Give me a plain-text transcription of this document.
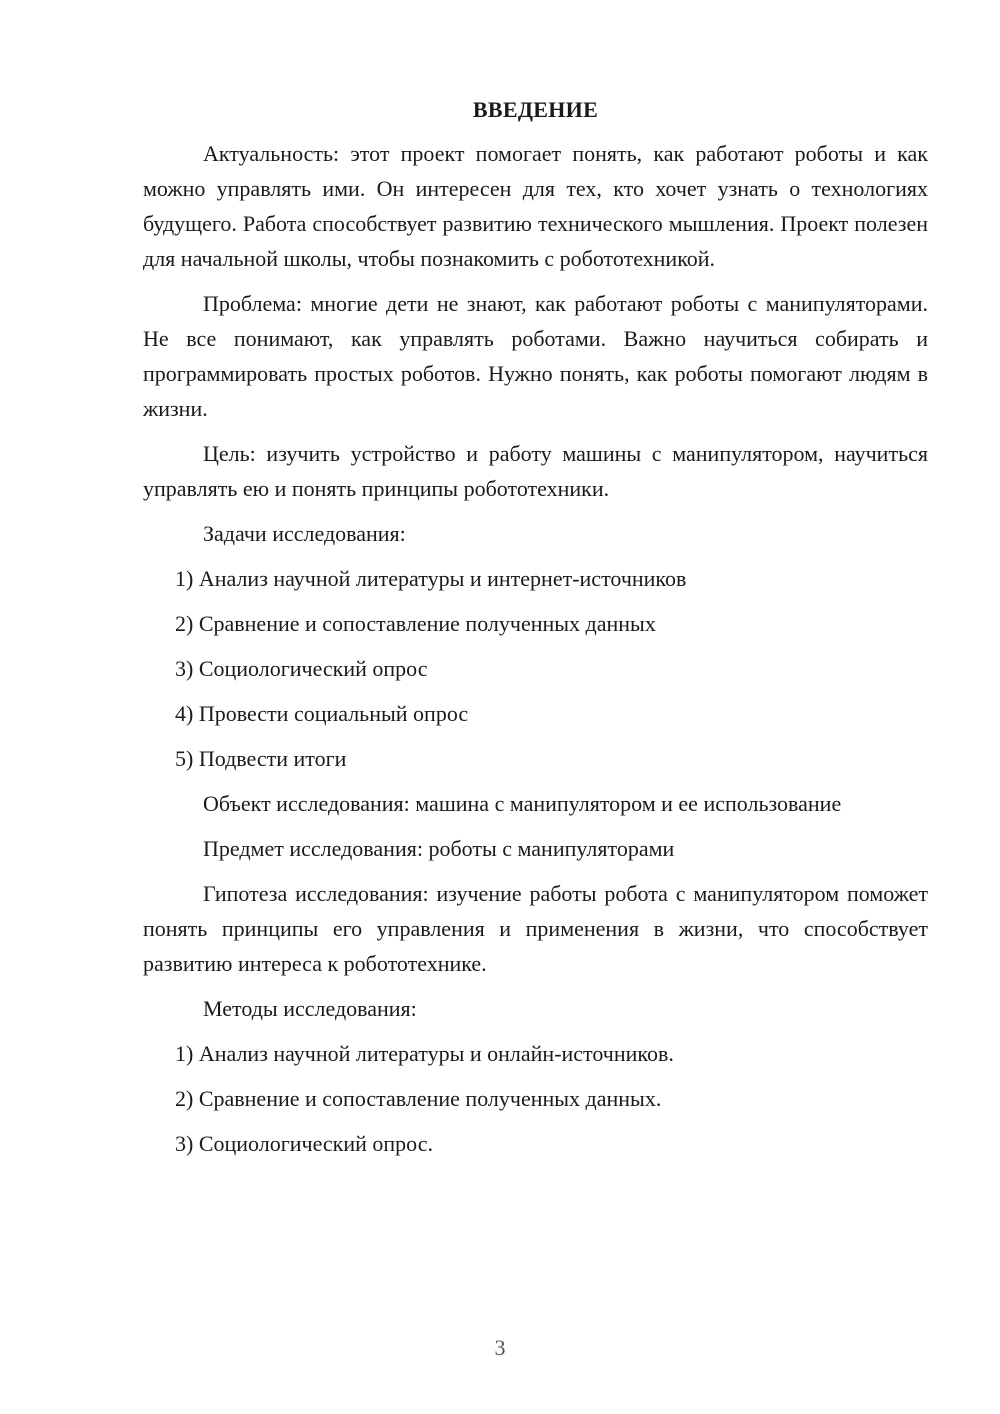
ВВЕДЕНИЕ

Актуальность: этот проект помогает понять, как работают роботы и как можно управлять ими. Он интересен для тех, кто хочет узнать о технологиях будущего. Работа способствует развитию технического мышления. Проект полезен для начальной школы, чтобы познакомить с робототехникой.

Проблема: многие дети не знают, как работают роботы с манипуляторами. Не все понимают, как управлять роботами. Важно научиться собирать и программировать простых роботов. Нужно понять, как роботы помогают людям в жизни.

Цель: изучить устройство и работу машины с манипулятором, научиться управлять ею и понять принципы робототехники.

Задачи исследования:
1) Анализ научной литературы и интернет-источников
2) Сравнение и сопоставление полученных данных
3) Социологический опрос
4) Провести социальный опрос
5) Подвести итоги
Объект исследования: машина с манипулятором и ее использование
Предмет исследования: роботы с манипуляторами

Гипотеза исследования: изучение работы робота с манипулятором поможет понять принципы его управления и применения в жизни, что способствует развитию интереса к робототехнике.

Методы исследования:
1) Анализ научной литературы и онлайн-источников.
2) Сравнение и сопоставление полученных данных.
3) Социологический опрос.
3
